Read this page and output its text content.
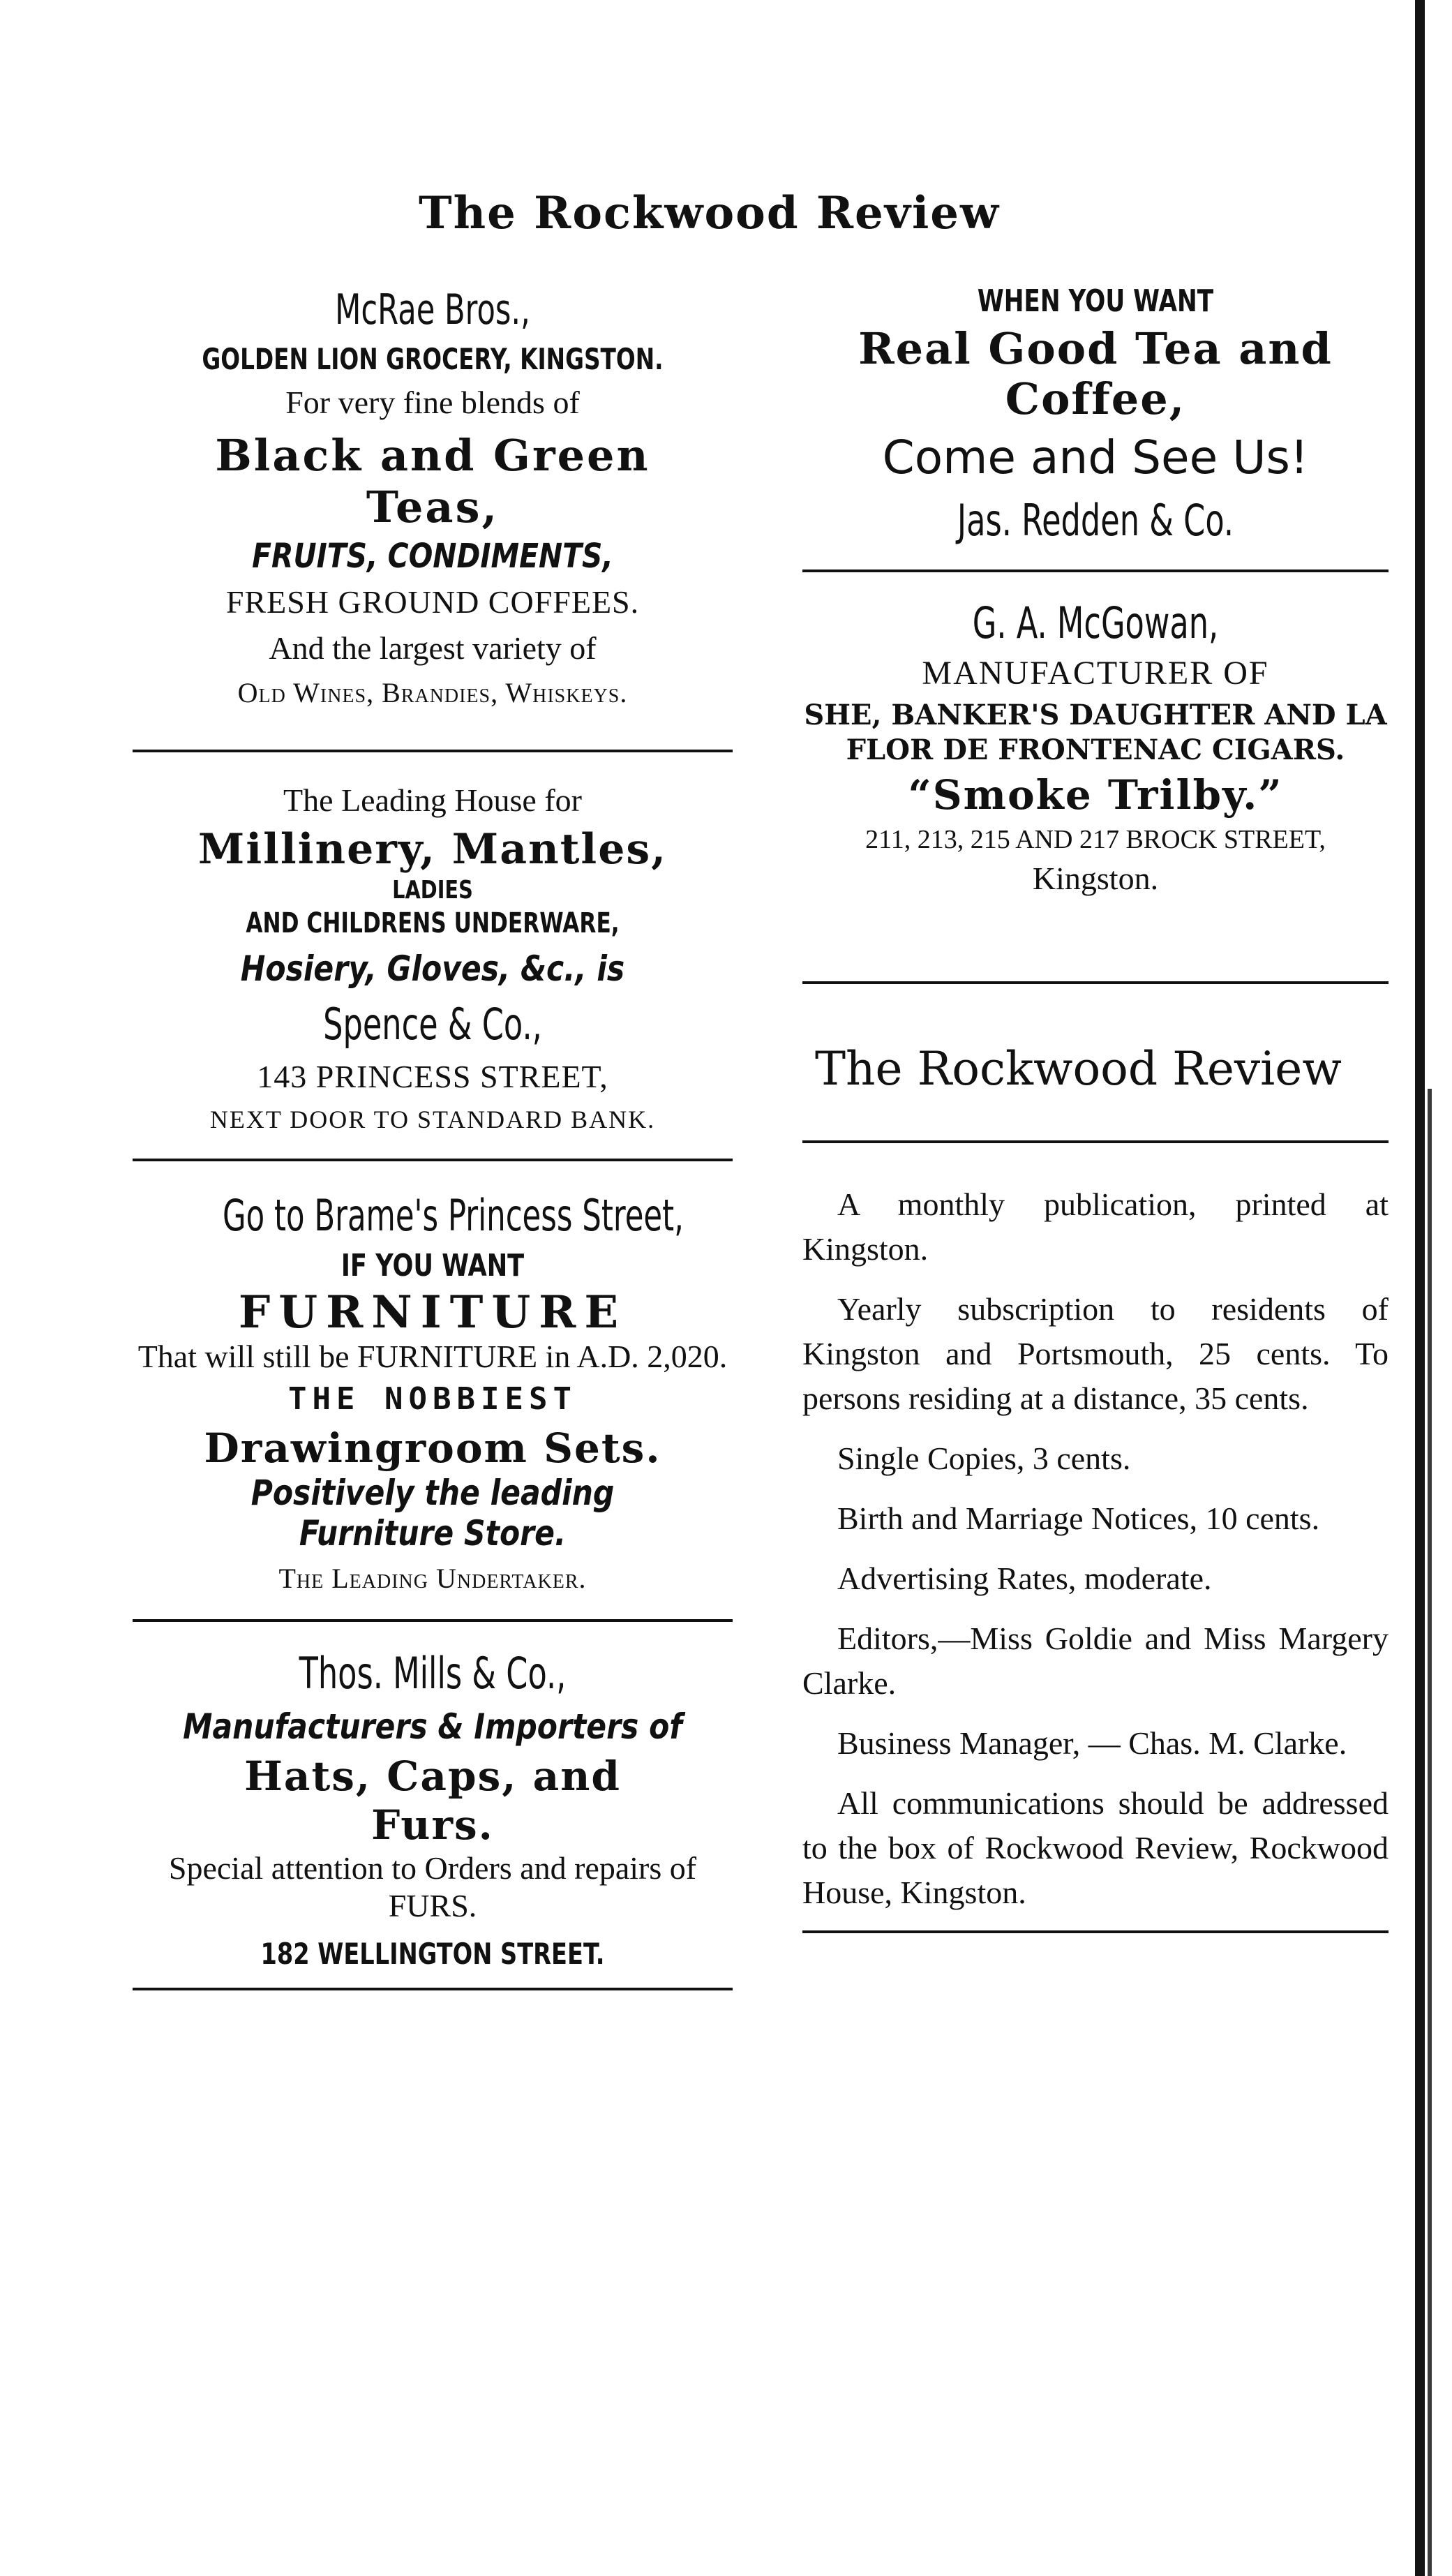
The Rockwood Review
McRae Bros.,
GOLDEN LION GROCERY, KINGSTON.
For very fine blends of
Black and Green Teas,
FRUITS, CONDIMENTS,
FRESH GROUND COFFEES.
And the largest variety of
Old Wines, Brandies, Whiskeys.
The Leading House for
Millinery, Mantles,
LADIES
AND CHILDRENS UNDERWARE,
Hosiery, Gloves, &c., is
Spence & Co.,
143 PRINCESS STREET,
NEXT DOOR TO STANDARD BANK.
Go to Brame's Princess Street,
IF YOU WANT
FURNITURE
That will still be FURNITURE in A.D. 2,020.
THE NOBBIEST
Drawingroom Sets.
Positively the leading Furniture Store.
The Leading Undertaker.
Thos. Mills & Co.,
Manufacturers & Importers of
Hats, Caps, and Furs.
Special attention to Orders and repairs of FURS.
182 WELLINGTON STREET.
WHEN YOU WANT
Real Good Tea and Coffee,
Come and See Us!
Jas. Redden & Co.
G. A. McGowan,
MANUFACTURER OF
SHE, BANKER'S DAUGHTER AND LA FLOR DE FRONTENAC CIGARS.
“Smoke Trilby.”
211, 213, 215 AND 217 BROCK STREET,
Kingston.
The Rockwood Review

A monthly publication, printed at Kingston.

Yearly subscription to residents of Kingston and Portsmouth, 25 cents. To persons residing at a distance, 35 cents.

Single Copies, 3 cents.

Birth and Marriage Notices, 10 cents.

Advertising Rates, moderate.

Editors,—Miss Goldie and Miss Margery Clarke.

Business Manager, — Chas. M. Clarke.

All communications should be addressed to the box of Rockwood Review, Rockwood House, Kingston.
